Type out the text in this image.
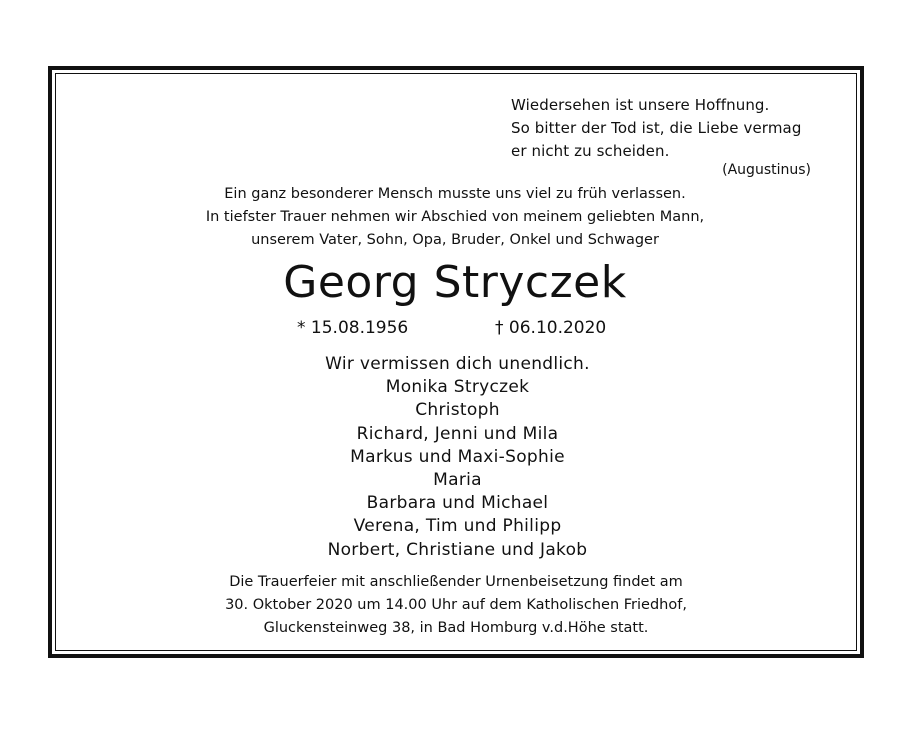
Wiedersehen ist unsere Hoffnung.
So bitter der Tod ist, die Liebe vermag
er nicht zu scheiden.
(Augustinus)
Ein ganz besonderer Mensch musste uns viel zu früh verlassen.
In tiefster Trauer nehmen wir Abschied von meinem geliebten Mann,
unserem Vater, Sohn, Opa, Bruder, Onkel und Schwager
Georg Stryczek
* 15.08.1956	† 06.10.2020
Wir vermissen dich unendlich.
Monika Stryczek
Christoph
Richard, Jenni und Mila
Markus und Maxi-Sophie
Maria
Barbara und Michael
Verena, Tim und Philipp
Norbert, Christiane und Jakob
Die Trauerfeier mit anschließender Urnenbeisetzung findet am
30. Oktober 2020 um 14.00 Uhr auf dem Katholischen Friedhof,
Gluckensteinweg 38, in Bad Homburg v.d.Höhe statt.
